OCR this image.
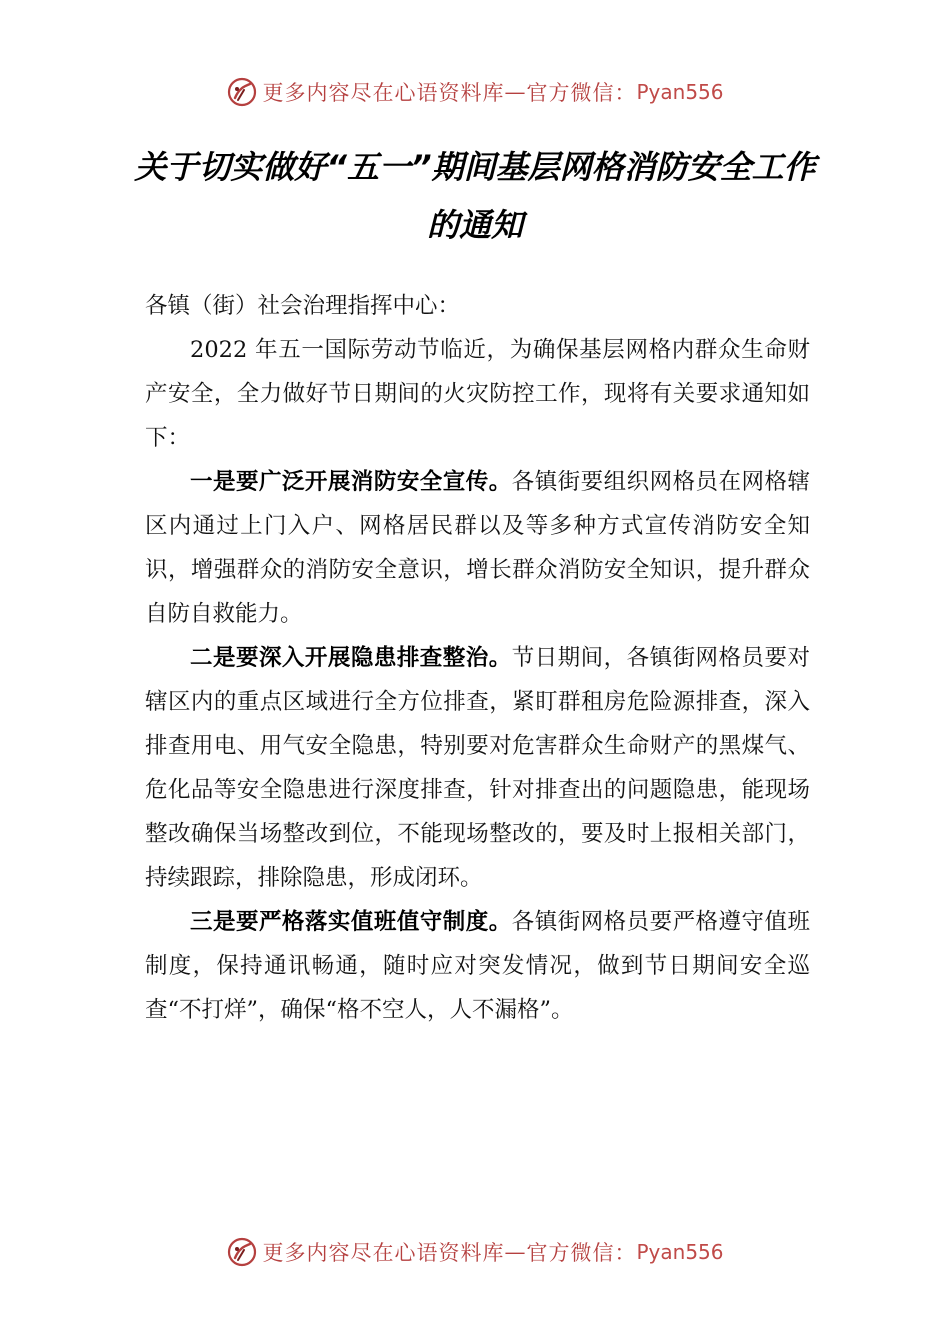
更多内容尽在心语资料库 — 官方微信： Pyan556
关于切实做好“五一”期间基层网格消防安全工作的通知

各镇（街）社会治理指挥中心：

2022 年五一国际劳动节临近，为确保基层网格内群众生命财产安全，全力做好节日期间的火灾防控工作，现将有关要求通知如下：

一是要广泛开展消防安全宣传。各镇街要组织网格员在网格辖区内通过上门入户、网格居民群以及等多种方式宣传消防安全知识，增强群众的消防安全意识，增长群众消防安全知识，提升群众自防自救能力。

二是要深入开展隐患排查整治。节日期间，各镇街网格员要对辖区内的重点区域进行全方位排查，紧盯群租房危险源排查，深入排查用电、用气安全隐患，特别要对危害群众生命财产的黑煤气、危化品等安全隐患进行深度排查，针对排查出的问题隐患，能现场整改确保当场整改到位，不能现场整改的，要及时上报相关部门，持续跟踪，排除隐患，形成闭环。

三是要严格落实值班值守制度。各镇街网格员要严格遵守值班制度，保持通讯畅通，随时应对突发情况，做到节日期间安全巡查“不打烊”，确保“格不空人，人不漏格”。

更多内容尽在心语资料库 — 官方微信： Pyan556
